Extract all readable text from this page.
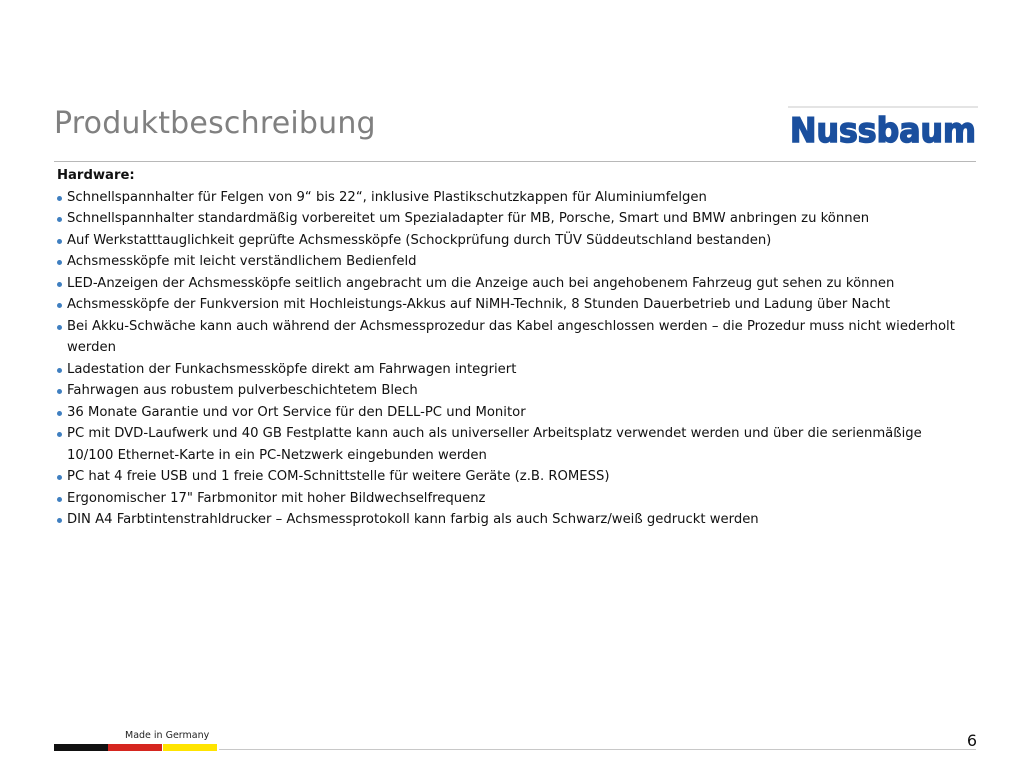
Produktbeschreibung	Nussbaum
Hardware:
Schnellspannhalter für Felgen von 9“ bis 22“, inklusive Plastikschutzkappen für Aluminiumfelgen
Schnellspannhalter standardmäßig vorbereitet um Spezialadapter für MB, Porsche, Smart und BMW anbringen zu können
Auf Werkstatttauglichkeit geprüfte Achsmessköpfe (Schockprüfung durch TÜV Süddeutschland bestanden)
Achsmessköpfe mit leicht verständlichem Bedienfeld
LED-Anzeigen der Achsmessköpfe seitlich angebracht um die Anzeige auch bei angehobenem Fahrzeug gut sehen zu können
Achsmessköpfe der Funkversion mit Hochleistungs-Akkus auf NiMH-Technik, 8 Stunden Dauerbetrieb und Ladung über Nacht
Bei Akku-Schwäche kann auch während der Achsmessprozedur das Kabel angeschlossen werden – die Prozedur muss nicht wiederholt werden
Ladestation der Funkachsmessköpfe direkt am Fahrwagen integriert
Fahrwagen aus robustem pulverbeschichtetem Blech
36 Monate Garantie und vor Ort Service für den DELL-PC und Monitor
PC mit DVD-Laufwerk und 40 GB Festplatte kann auch als universeller Arbeitsplatz verwendet werden und über die serienmäßige 10/100 Ethernet-Karte in ein PC-Netzwerk eingebunden werden
PC hat 4 freie USB und 1 freie COM-Schnittstelle für weitere Geräte (z.B. ROMESS)
Ergonomischer 17" Farbmonitor mit hoher Bildwechselfrequenz
DIN A4 Farbtintenstrahldrucker – Achsmessprotokoll kann farbig als auch Schwarz/weiß gedruckt werden
Made in Germany	6
